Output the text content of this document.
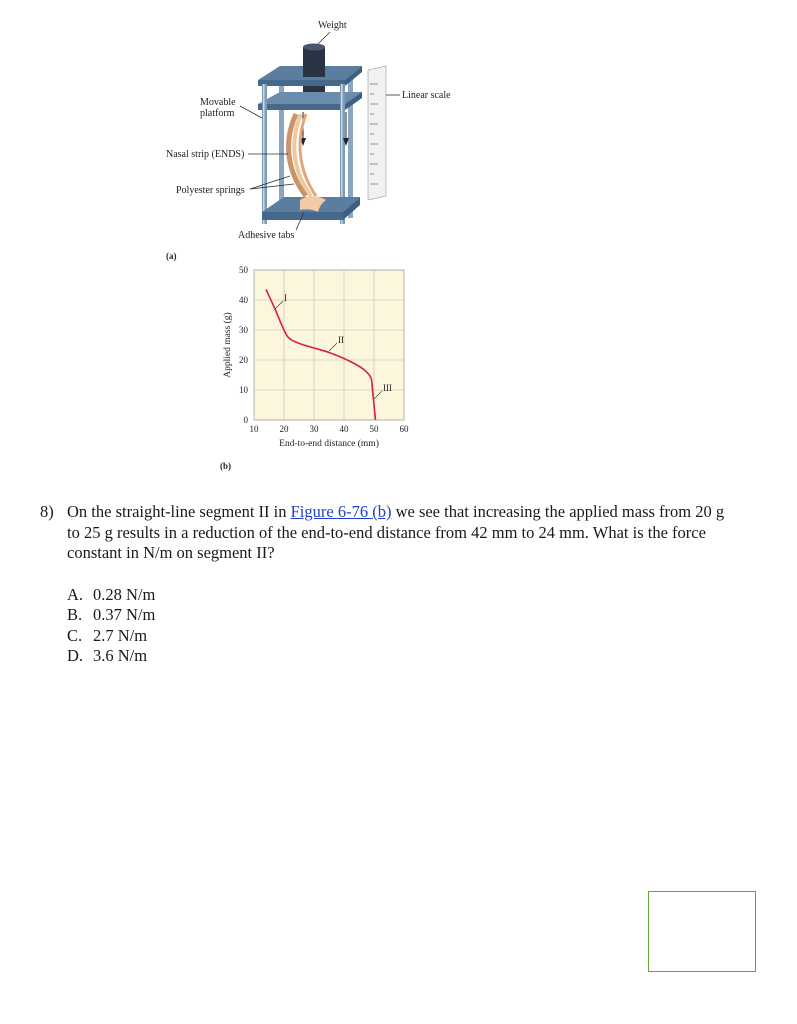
Weight
Linear scale
Movable
platform
Nasal strip (ENDS)
Polyester springs
Adhesive tabs
(a)
10 20 30 40 50 60
0
10
20
30
40
50
I
II
III
End-to-end distance (mm)
Applied mass (g)
(b)
8) On the straight-line segment II in Figure 6-76 (b) we see that increasing the applied mass from 20 g to 25 g results in a reduction of the end-to-end distance from 42 mm to 24 mm. What is the force constant in N/m on segment II?
A. 0.28 N/m
B. 0.37 N/m
C. 2.7 N/m
D. 3.6 N/m
